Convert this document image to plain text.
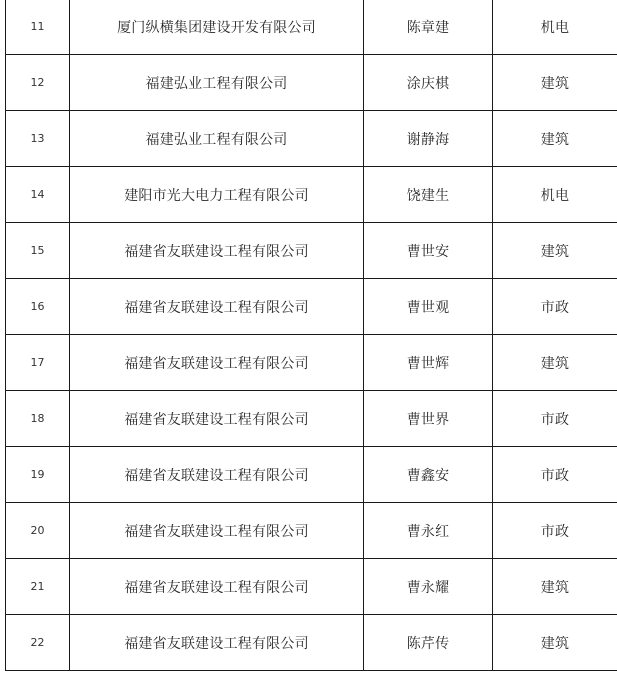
11	厦门纵横集团建设开发有限公司	陈章建	机电
12	福建弘业工程有限公司	涂庆棋	建筑
13	福建弘业工程有限公司	谢静海	建筑
14	建阳市光大电力工程有限公司	饶建生	机电
15	福建省友联建设工程有限公司	曹世安	建筑
16	福建省友联建设工程有限公司	曹世观	市政
17	福建省友联建设工程有限公司	曹世辉	建筑
18	福建省友联建设工程有限公司	曹世界	市政
19	福建省友联建设工程有限公司	曹鑫安	市政
20	福建省友联建设工程有限公司	曹永红	市政
21	福建省友联建设工程有限公司	曹永耀	建筑
22	福建省友联建设工程有限公司	陈芹传	建筑
